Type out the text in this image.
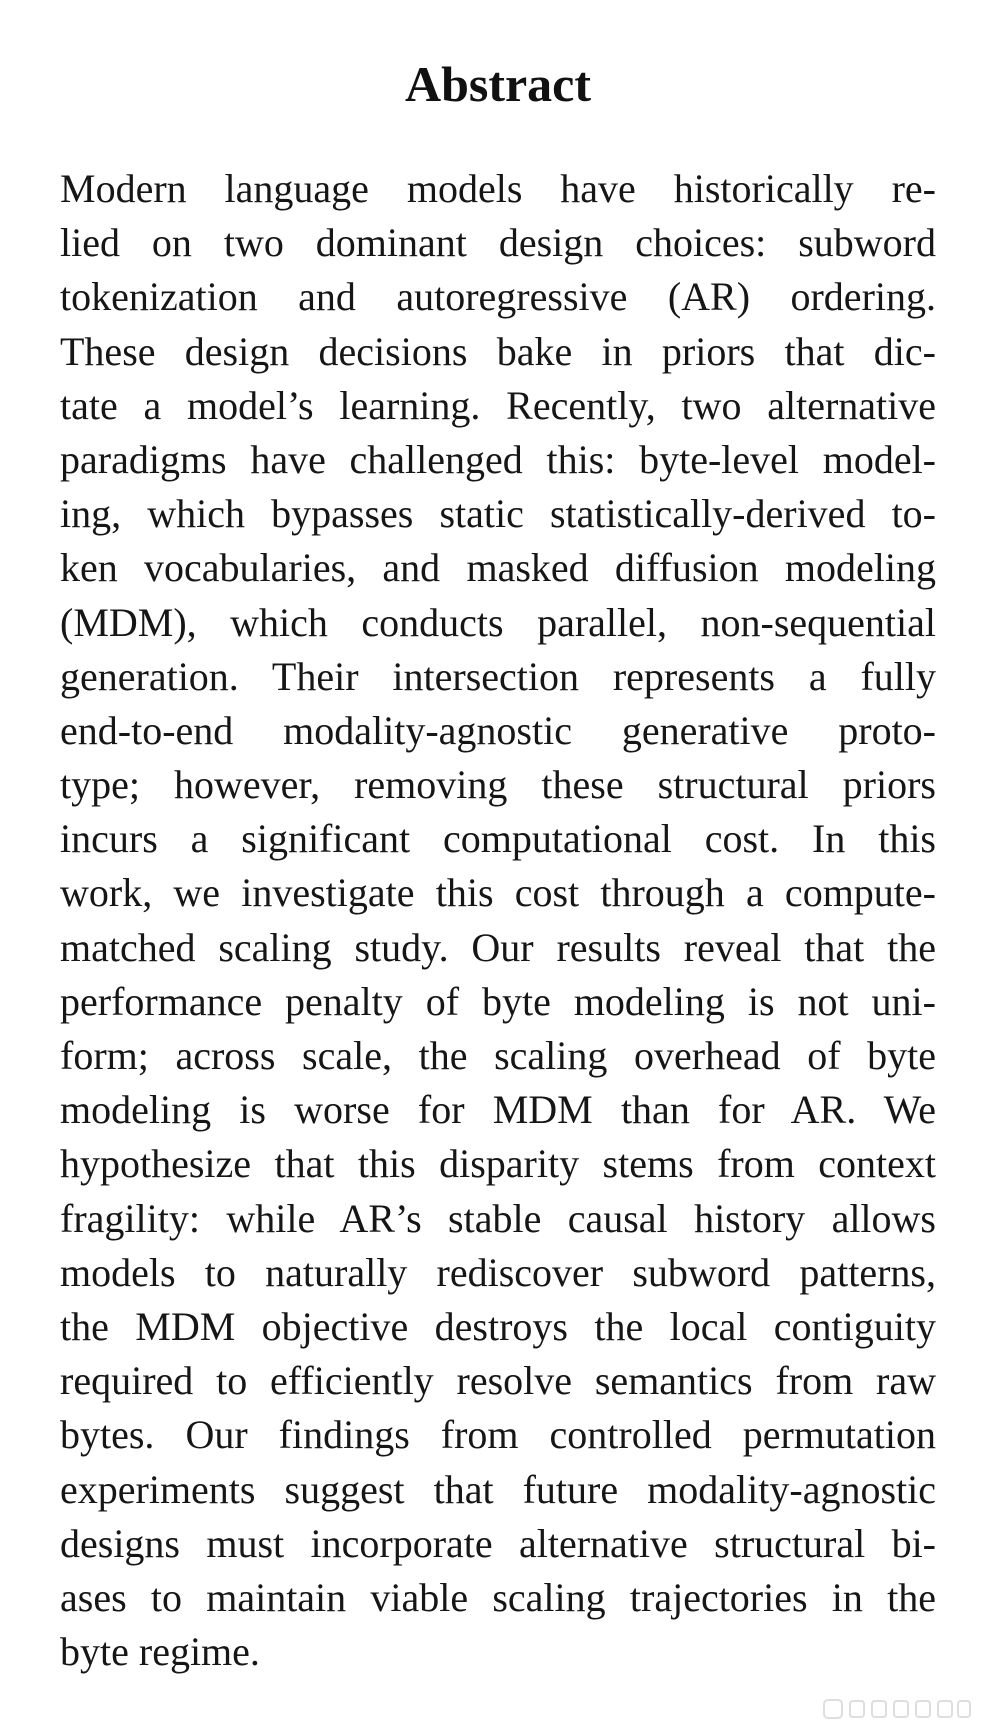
Abstract
Modern language models have historically re-
lied on two dominant design choices: subword
tokenization and autoregressive (AR) ordering.
These design decisions bake in priors that dic-
tate a model’s learning. Recently, two alternative
paradigms have challenged this: byte-level model-
ing, which bypasses static statistically-derived to-
ken vocabularies, and masked diffusion modeling
(MDM), which conducts parallel, non-sequential
generation. Their intersection represents a fully
end-to-end modality-agnostic generative proto-
type; however, removing these structural priors
incurs a significant computational cost. In this
work, we investigate this cost through a compute-
matched scaling study. Our results reveal that the
performance penalty of byte modeling is not uni-
form; across scale, the scaling overhead of byte
modeling is worse for MDM than for AR. We
hypothesize that this disparity stems from context
fragility: while AR’s stable causal history allows
models to naturally rediscover subword patterns,
the MDM objective destroys the local contiguity
required to efficiently resolve semantics from raw
bytes. Our findings from controlled permutation
experiments suggest that future modality-agnostic
designs must incorporate alternative structural bi-
ases to maintain viable scaling trajectories in the
byte regime.
